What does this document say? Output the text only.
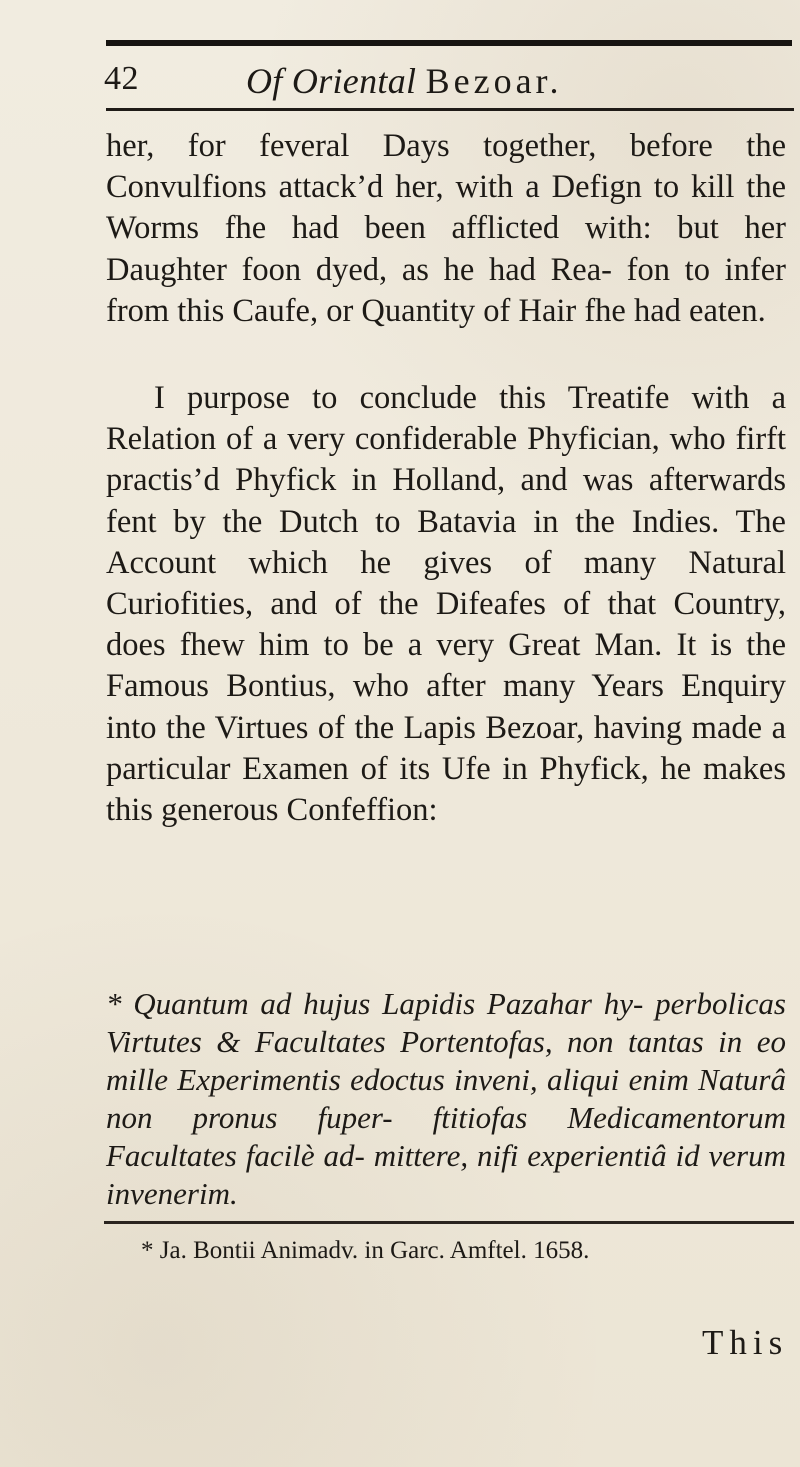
42	Of Oriental Bezoar.

her, for feveral Days together, before the Convulfions attack’d her, with a Defign to kill the Worms fhe had been afflicted with: but her Daughter foon dyed, as he had Rea- fon to infer from this Caufe, or Quantity of Hair fhe had eaten.

I purpose to conclude this Treatife with a Relation of a very confiderable Phyfician, who firft practis’d Phyfick in Holland, and was afterwards fent by the Dutch to Batavia in the Indies. The Account which he gives of many Natural Curiofities, and of the Difeafes of that Country, does fhew him to be a very Great Man. It is the Famous Bontius, who after many Years Enquiry into the Virtues of the Lapis Bezoar, having made a particular Examen of its Ufe in Phyfick, he makes this generous Confeffion:

* Quantum ad hujus Lapidis Pazahar hy- perbolicas Virtutes & Facultates Portentofas, non tantas in eo mille Experimentis edoctus inveni, aliqui enim Naturâ non pronus fuper- ftitiofas Medicamentorum Facultates facilè ad- mittere, nifi experientiâ id verum invenerim.
* Ja. Bontii Animadv. in Garc. Amftel. 1658.
This
